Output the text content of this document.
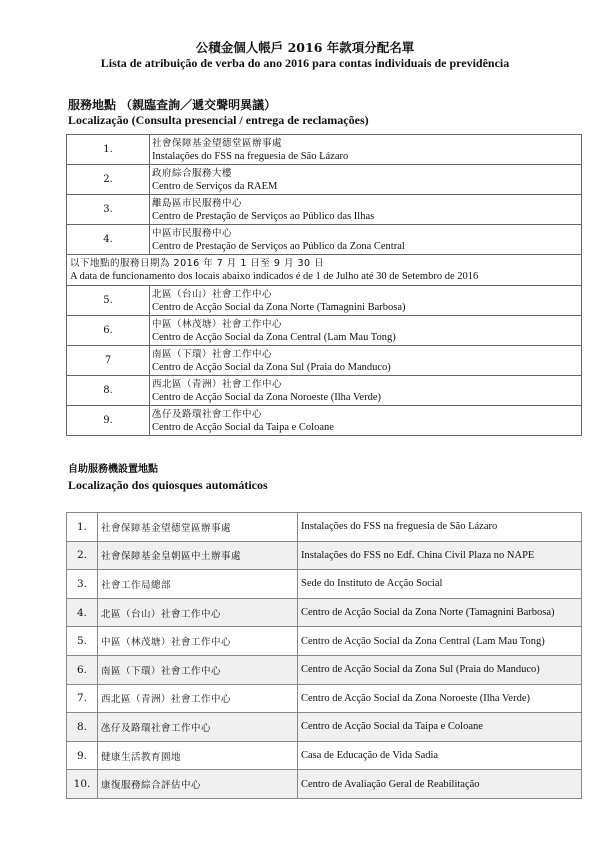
公積金個人帳戶 2016 年款項分配名單
Lista de atribuição de verba do ano 2016 para contas individuais de previdência
服務地點 （親臨查詢／遞交聲明異議）
Localização (Consulta presencial / entrega de reclamações)
1.	社會保障基金望德堂區辦事處
Instalações do FSS na freguesia de São Lázaro

2.	政府綜合服務大樓
Centro de Serviços da RAEM

3.	離島區市民服務中心
Centro de Prestação de Serviços ao Público das Ilhas

4.	中區市民服務中心
Centro de Prestação de Serviços ao Público da Zona Central

以下地點的服務日期為 2016 年 7 月 1 日至 9 月 30 日
A data de funcionamento dos locais abaixo indicados é de 1 de Julho até 30 de Setembro de 2016	

5.	北區（台山）社會工作中心
Centro de Acção Social da Zona Norte (Tamagnini Barbosa)

6.	中區（林茂塘）社會工作中心
Centro de Acção Social da Zona Central (Lam Mau Tong)

7	南區（下環）社會工作中心
Centro de Acção Social da Zona Sul (Praia do Manduco)

8.	西北區（青洲）社會工作中心
Centro de Acção Social da Zona Noroeste (Ilha Verde)

9.	氹仔及路環社會工作中心
Centro de Acção Social da Taipa e Coloane
自助服務機設置地點
Localização dos quiosques automáticos
1.	社會保障基金望德堂區辦事處	Instalações do FSS na freguesia de São Lázaro
2.	社會保障基金皇朝區中土辦事處	Instalações do FSS no Edf. China Civil Plaza no NAPE
3.	社會工作局總部	Sede do Instituto de Acção Social
4.	北區（台山）社會工作中心	Centro de Acção Social da Zona Norte (Tamagnini Barbosa)
5.	中區（林茂塘）社會工作中心	Centro de Acção Social da Zona Central (Lam Mau Tong)
6.	南區（下環）社會工作中心	Centro de Acção Social da Zona Sul (Praia do Manduco)
7.	西北區（青洲）社會工作中心	Centro de Acção Social da Zona Noroeste (Ilha Verde)
8.	氹仔及路環社會工作中心	Centro de Acção Social da Taipa e Coloane
9.	健康生活教育園地	Casa de Educação de Vida Sadia
10.	康復服務綜合評估中心	Centro de Avaliação Geral de Reabilitação
